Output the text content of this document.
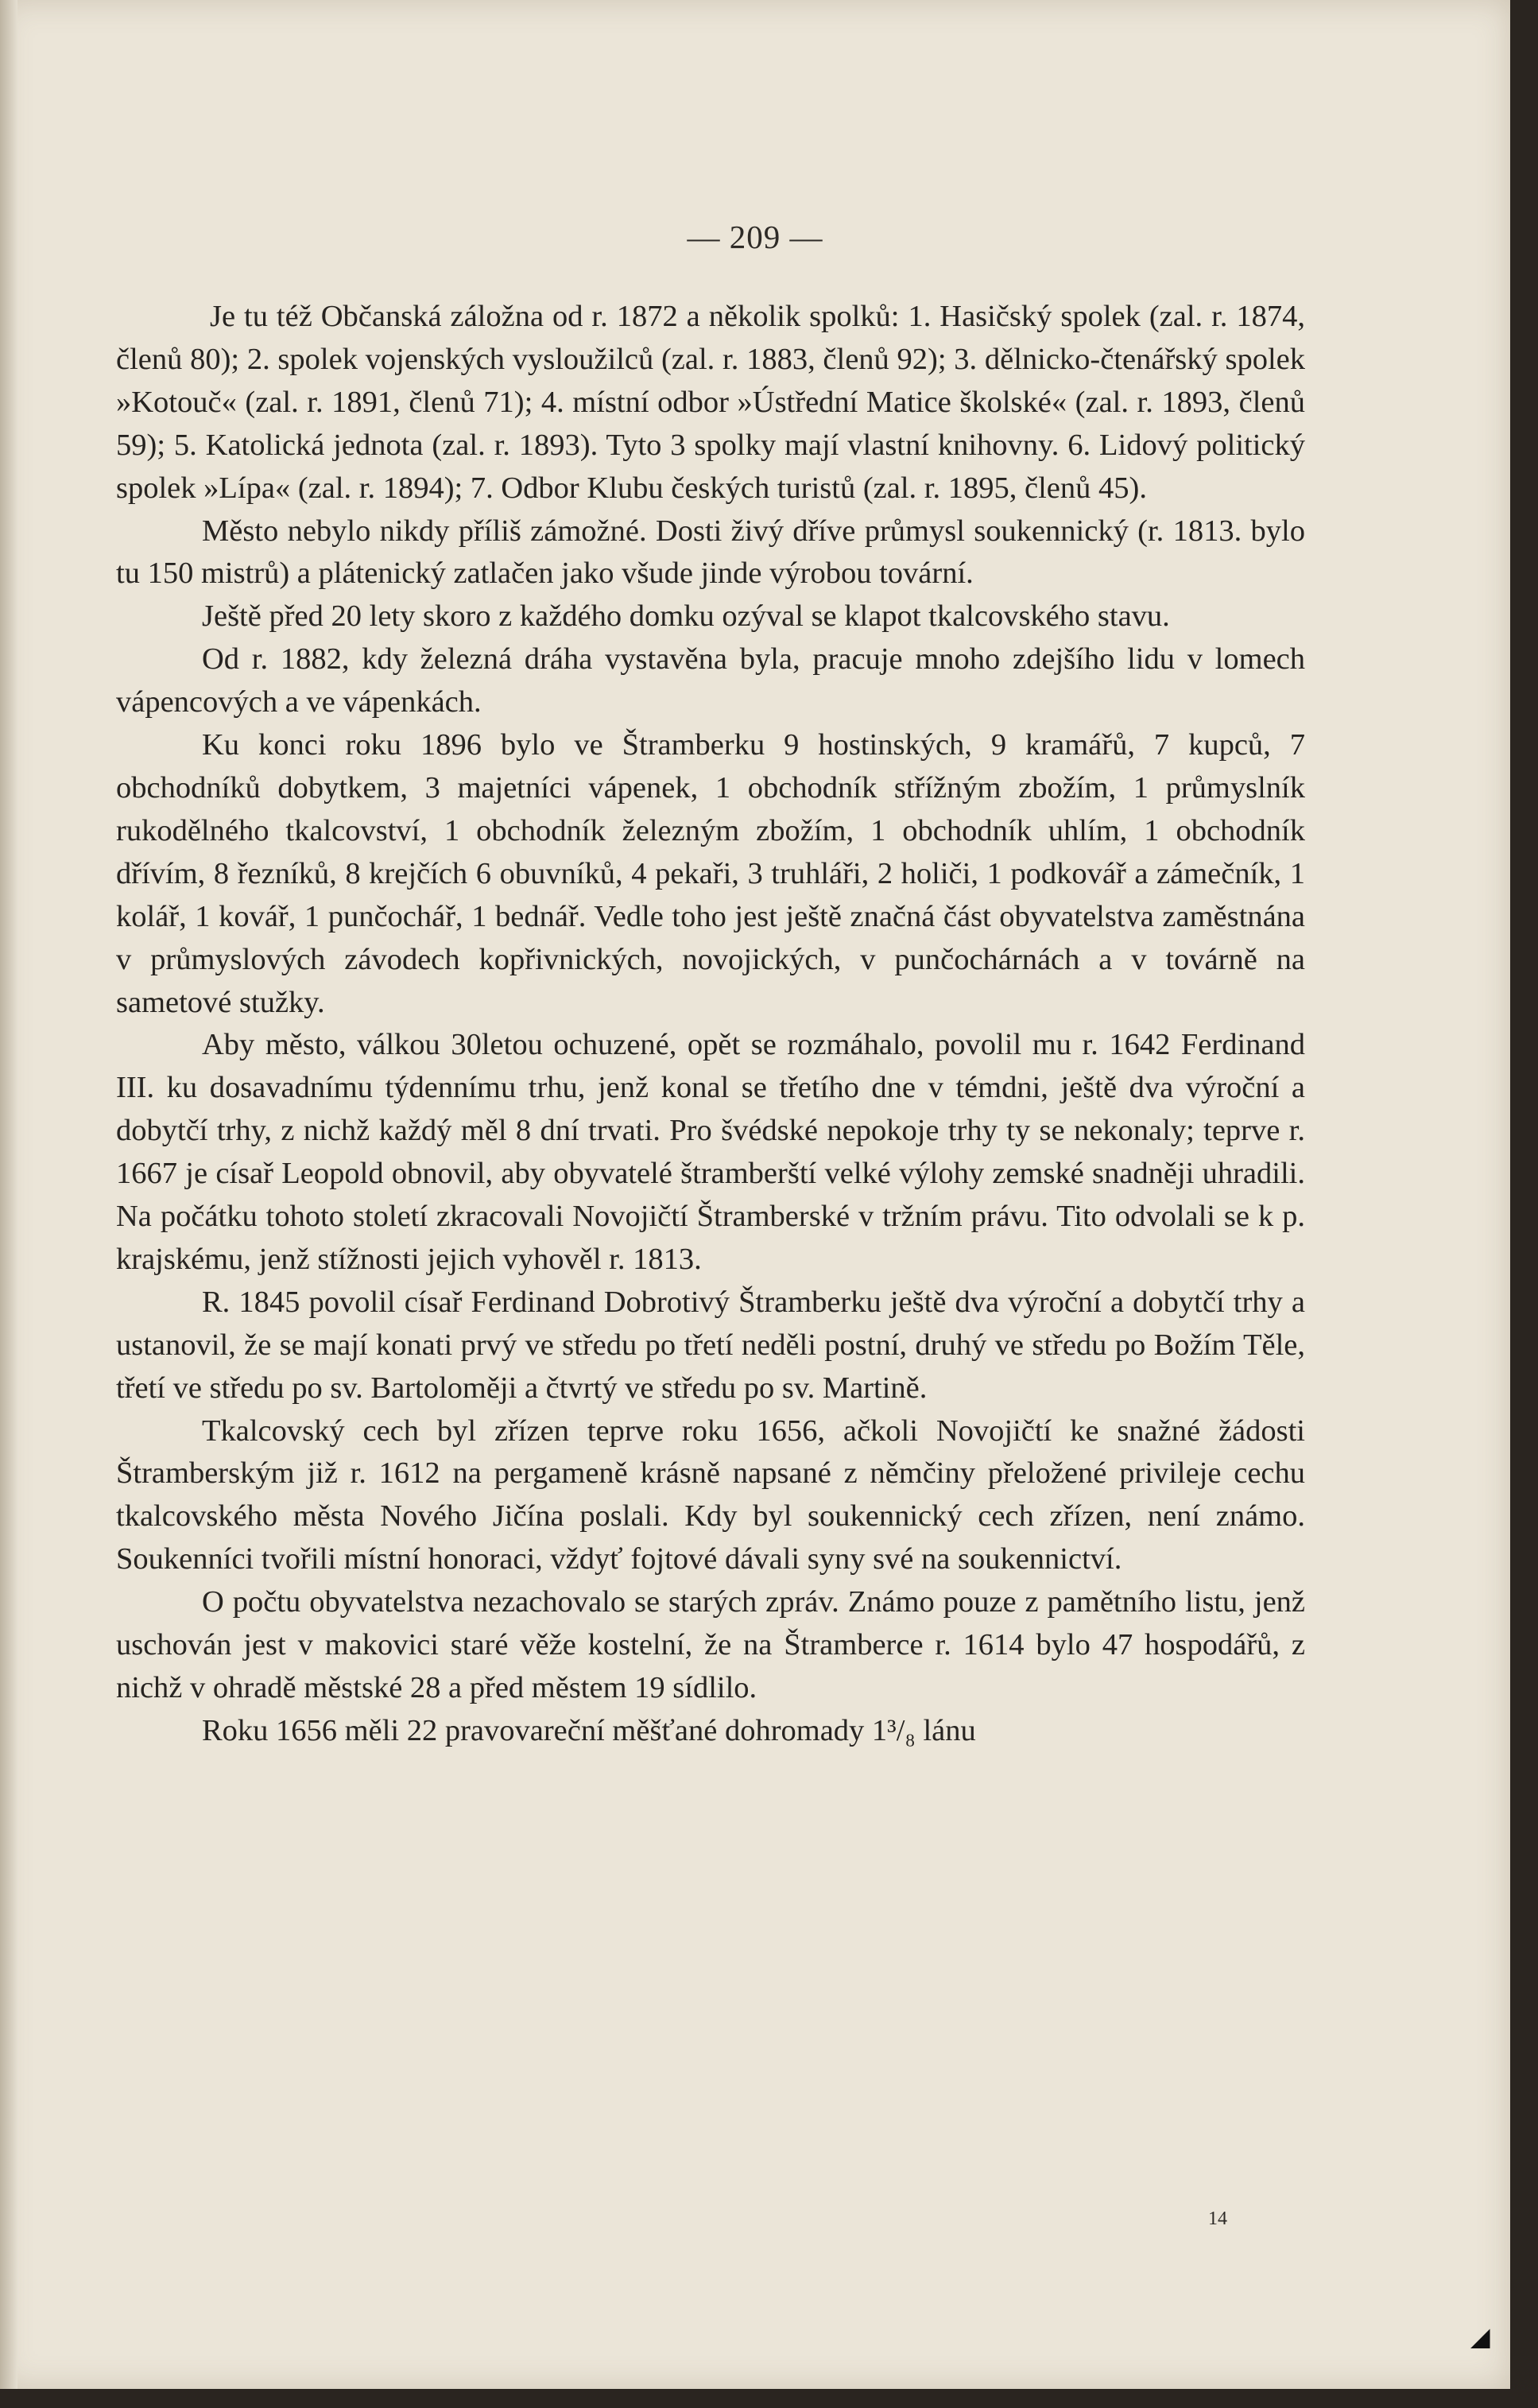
— 209 —

Je tu též Občanská záložna od r. 1872 a několik spolků: 1. Hasičský spolek (zal. r. 1874, členů 80); 2. spolek vojenských vysloužilců (zal. r. 1883, členů 92); 3. dělnicko-čtenářský spolek »Kotouč« (zal. r. 1891, členů 71); 4. místní odbor »Ústřední Matice školské« (zal. r. 1893, členů 59); 5. Katolická jednota (zal. r. 1893). Tyto 3 spolky mají vlastní knihovny. 6. Lidový politický spolek »Lípa« (zal. r. 1894); 7. Odbor Klubu českých turistů (zal. r. 1895, členů 45).

Město nebylo nikdy příliš zámožné. Dosti živý dříve průmysl soukennický (r. 1813. bylo tu 150 mistrů) a plátenický zatlačen jako všude jinde výrobou tovární.

Ještě před 20 lety skoro z každého domku ozýval se klapot tkalcovského stavu.

Od r. 1882, kdy železná dráha vystavěna byla, pracuje mnoho zdejšího lidu v lomech vápencových a ve vápenkách.

Ku konci roku 1896 bylo ve Štramberku 9 hostinských, 9 kramářů, 7 kupců, 7 obchodníků dobytkem, 3 majetníci vápenek, 1 obchodník střížným zbožím, 1 průmyslník rukodělného tkalcovství, 1 obchodník železným zbožím, 1 obchodník uhlím, 1 obchodník dřívím, 8 řezníků, 8 krejčích 6 obuvníků, 4 pekaři, 3 truhláři, 2 holiči, 1 podkovář a zámečník, 1 kolář, 1 kovář, 1 punčochář, 1 bednář. Vedle toho jest ještě značná část obyvatelstva zaměstnána v průmyslových závodech kopřivnických, novojických, v punčochárnách a v továrně na sametové stužky.

Aby město, válkou 30letou ochuzené, opět se rozmáhalo, povolil mu r. 1642 Ferdinand III. ku dosavadnímu týdennímu trhu, jenž konal se třetího dne v témdni, ještě dva výroční a dobytčí trhy, z nichž každý měl 8 dní trvati. Pro švédské nepokoje trhy ty se nekonaly; teprve r. 1667 je císař Leopold obnovil, aby obyvatelé štramberští velké výlohy zemské snadněji uhradili. Na počátku tohoto století zkracovali Novojičtí Štramberské v tržním právu. Tito odvolali se k p. krajskému, jenž stížnosti jejich vyhověl r. 1813.

R. 1845 povolil císař Ferdinand Dobrotivý Štramberku ještě dva výroční a dobytčí trhy a ustanovil, že se mají konati prvý ve středu po třetí neděli postní, druhý ve středu po Božím Těle, třetí ve středu po sv. Bartoloměji a čtvrtý ve středu po sv. Martině.

Tkalcovský cech byl zřízen teprve roku 1656, ačkoli Novojičtí ke snažné žádosti Štramberským již r. 1612 na pergameně krásně napsané z němčiny přeložené privileje cechu tkalcovského města Nového Jičína poslali. Kdy byl soukennický cech zřízen, není známo. Soukenníci tvořili místní honoraci, vždyť fojtové dávali syny své na soukennictví.

O počtu obyvatelstva nezachovalo se starých zpráv. Známo pouze z pamětního listu, jenž uschován jest v makovici staré věže kostelní, že na Štramberce r. 1614 bylo 47 hospodářů, z nichž v ohradě městské 28 a před městem 19 sídlilo.

Roku 1656 měli 22 pravovareční měšťané dohromady 1³/₈ lánu

14
◢
